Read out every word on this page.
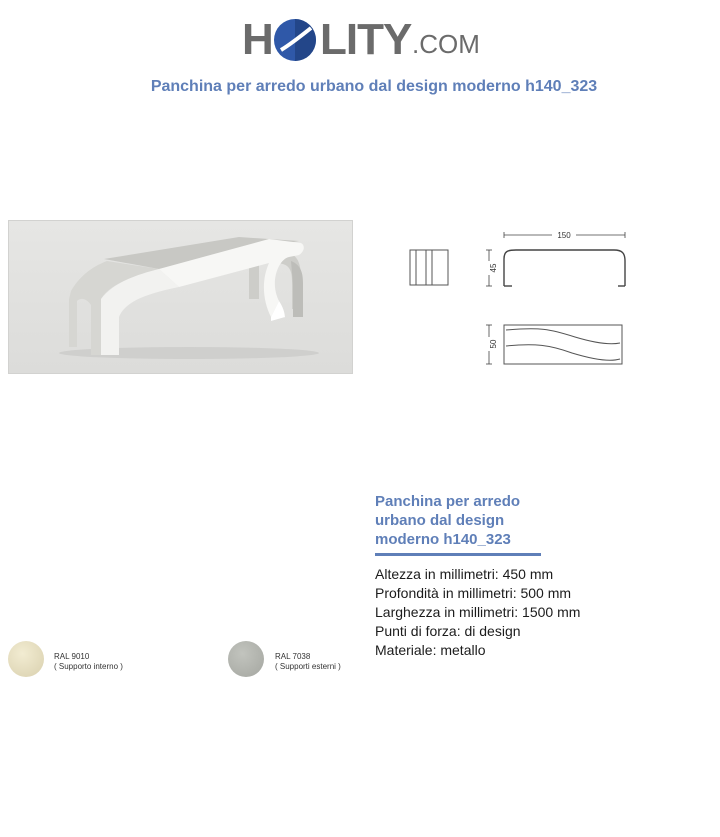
H LITY .COM
Panchina per arredo urbano dal design moderno h140_323
150
45
50
Panchina per arredo urbano dal design moderno h140_323
Altezza in millimetri: 450 mm
Profondità in millimetri: 500 mm
Larghezza in millimetri: 1500 mm
Punti di forza: di design
Materiale: metallo
RAL 9010
( Supporto interno )
RAL 7038
( Supporti esterni )
